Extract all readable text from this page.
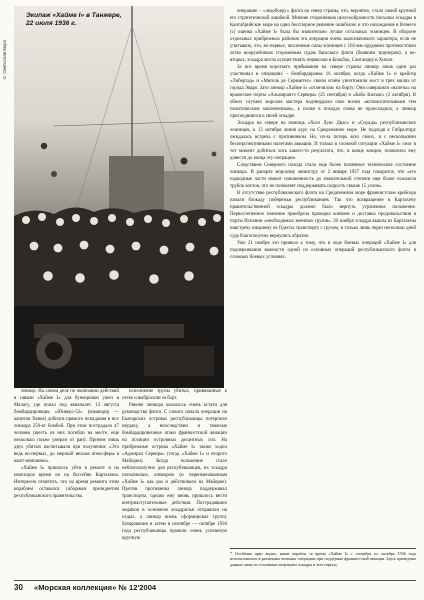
© Святослав Бюро
Экипаж «Хайме I» в Танжере, 22 июля 1936 г.

операцию – «ледобоеру» флота на север страны, что, вероятно, стало самой крупной его стратегической ошибкой. Мнение сторонников целесообразности посылки эскадры в Кантабрийское море на одно бесспорное решение ошибочно и что нахождение в бизнесе (с) оценка «Хайме I» была бы значительно лучше остальных эсминцев. В обороне отдельных прибрежных районов эта операция очень малозначимого характера, если не учитывать, что, во-первых, численные силы эсминцев с 102-мм орудиями противостояли легко вооружённым сторожевым судам баскского флота (бывшим траулерам), а во-вторых, эскадра могла осуществлять перевозки в Бильбао, Сантандер и Хихон.

За все время короткого пребывания на севере страны линкор лишь один раз участвовал в операциях – бомбардировке 16 октября, когда «Хайме I» и крейсер «Либертад» и «Мигель де Сервантес» своим огнём уничтожили мост в трех милях от города Эваро. Зато линкор «Хайме I» «отличился» на борту: Они совершили «налеты» на вражеские порты «Альмирантэ Сервера» (25 сентября) и «Кабо Кильяс» (2 октября). В обоих случаях морские мастера подтвердили свое всеми «вспомогательными тем политическим заключенным», к позже в походах снова не происходило, а линкор присоединялся к своей эскадре.

Эскадра на севере на помощь «Хосе Луис Диас» и «Сиуада» республиканских эсминцев, к 13 октября линия курс на Средиземное море. Не подходя к Гибралтару ожидалась встреча с противником. Но, из-за потерь всех своих, и с несколькими бесперспективными налетами авиации. И только в сложной ситуации «Хайме I» смог в тот момент добиться хоть какого-то результата, что, в конце концов, позволило ему довести до конца эту операцию.

Следствием Северного похода стало еще более плачевное техническое состояние линкора. В рапорте морскому министру от 2 января 1937 года говорится, что «его надводные части имеют изношенность до значительной степени еще более сожалела трубок котлов, что не позволяет поддерживать скорость свыше 15 узлов».

В отсутствие республиканского флота на Средиземном море франкистские крейсера начали блокаду побережья республиканцев. Так что возвращение в Картахену правительственной эскадры должно было вернуть утраченное положение. Первостепенное значение приобрела проводка конвоев и доставка продовольствия в порты Испании «необходимых военных грузов». 20 ноября эскадра вышла из Картахены навстречу шедшему из Одессы транспорту с грузом, и только лишь через несколько дней суда благополучно вернулись обратно.

Уже 21 ноября это привело к тому, что в ходе боевых операций «Хайме I» для подчеркивания важности одной из основных операций республиканского флота в сложных боевых условиях.

линкор. На самом деле по окончании действий в гавани «Хайме I» для бункеровки ушел в Малагу, где попал под авианалет. 13 августа бомбардировщик «Юнкерс-52» (командир — капитан Хенке) добился прямого попадания в нос линкора 250-кг бомбой. При этом пострадало 47 человек (шесть из них погибли на месте, еще несколько позже умерли от ран). Причем лишь двух убитых насчитывали при получении: «Это ведь во-первых, до мерзкой весьма атмосферы в кают-компании».

«Хайме I» пришлось уйти в ремонт и на некоторое время он на бассейне Картахены. Интересно отметить, что на время ремонта этим кораблем оставался соборным президентом республиканского правительства.

исполнение трупы убитых, привязанные к сетке и выбросили за борт.

Рвение линкора оказалось очень кстати для руководства флота. С самого начала операции на Балеарских островах республиканцы потерпели неудачу, а впоследствии и тяжелые бомбардировочные атаки франкистской авиации на позиции островных десантных сил. На прибрежные острова «Хайме I» также ходил «Адмирал Сервера» (тогда «Хайме I» и второго Майорки). Когда положение стало неблагополучно для республиканцев, их эскадра пополнилась линкором (и переименованным «Хайме I» как раз и действовали на Майорке). Против противника линкор поддерживал транспорты, однако ему вновь пришлось вести контрнаступательные действия. Пострадавших моряков в основном эскадрилья отправили на отдых, а линкор вновь сформировал группу базирования и затем в сентябре — октябре 1936 года республиканцы провели очень успешную крупную

* Особенно ярко видно, какие корабли за время «Хайме I» с сентября по октябрь 1936 года использовались в различных военных операциях при поддержке франкистской авиации. Здесь приведены данные лишь по основным операциям эскадры в этот период.
30 «Морская коллекция» № 12'2004
